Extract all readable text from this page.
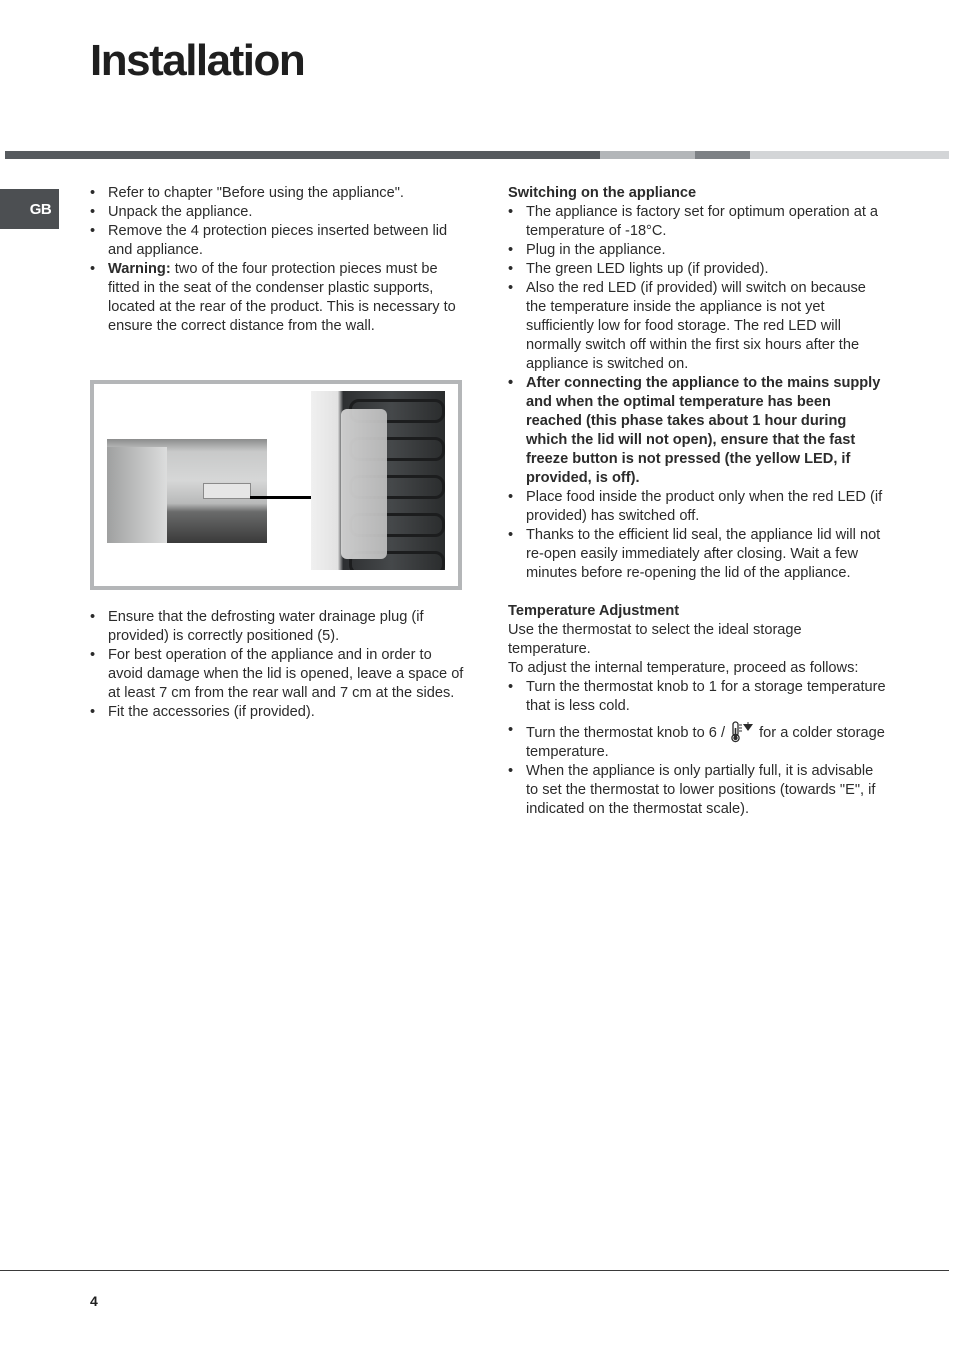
Installation
GB
• Refer to chapter "Before using the appliance".
• Unpack the appliance.
• Remove the 4 protection pieces inserted between lid and appliance.
• Warning: two of the four protection pieces must be fitted in the seat of the condenser plastic supports, located at the rear of the product. This is necessary to ensure the correct distance from the wall.
• Ensure that the defrosting water drainage plug (if provided) is correctly positioned (5).
• For best operation of the appliance and in order to avoid damage when the lid is opened, leave a space of at least 7 cm from the rear wall and 7 cm at the sides.
• Fit the accessories (if provided).

Switching on the appliance

• The appliance is factory set for optimum operation at a temperature of -18°C.
• Plug in the appliance.
• The green LED lights up (if provided).
• Also the red LED (if provided) will switch on because the temperature inside the appliance is not yet sufficiently low for food storage. The red LED will normally switch off within the first six hours after the appliance is switched on.
• After connecting the appliance to the mains supply and when the optimal temperature has been reached (this phase takes about 1 hour during which the lid will not open), ensure that the fast freeze button is not pressed (the yellow LED, if provided, is off).
• Place food inside the product only when the red LED (if provided) has switched off.
• Thanks to the efficient lid seal, the appliance lid will not re-open easily immediately after closing. Wait a few minutes before re-opening the lid of the appliance.

Temperature Adjustment

Use the thermostat to select the ideal storage temperature.

To adjust the internal temperature, proceed as follows:

• Turn the thermostat knob to 1 for a storage temperature that is less cold.
• Turn the thermostat knob to 6 /  for a colder storage temperature.
• When the appliance is only partially full, it is advisable to set the thermostat to lower positions (towards "E", if indicated on the thermostat scale).
4
